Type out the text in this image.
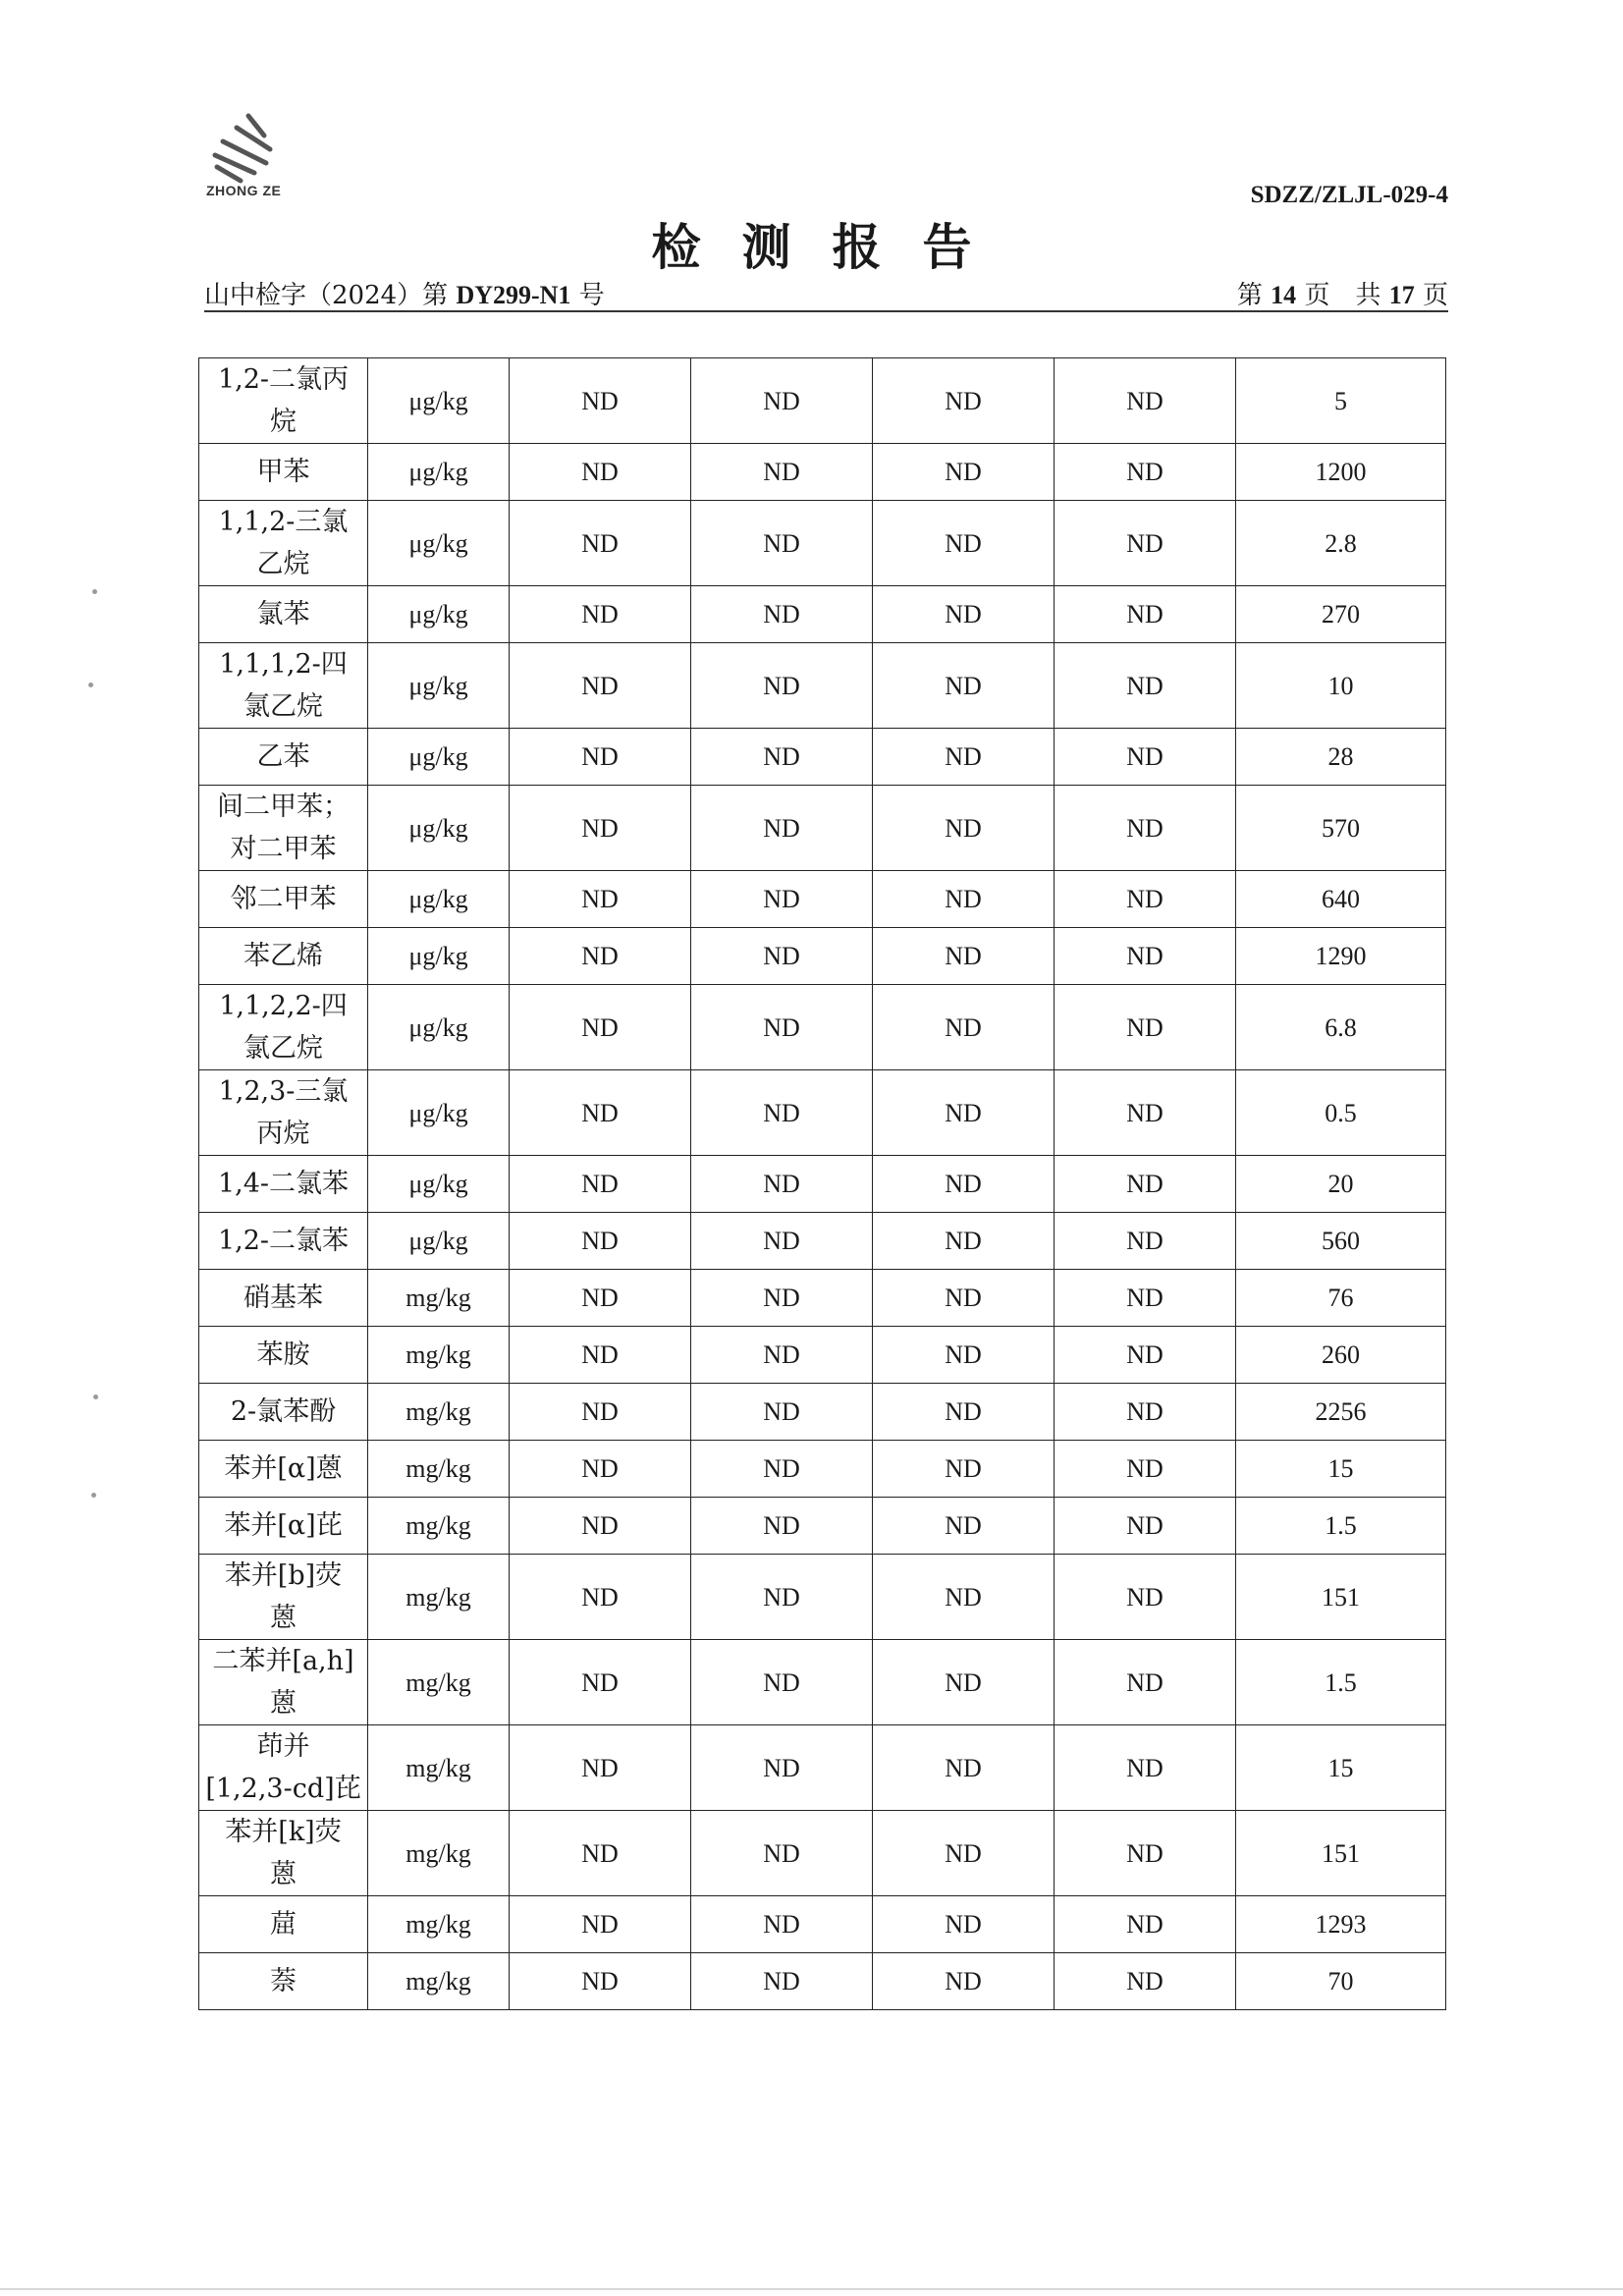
ZHONG ZE	SDZZ/ZLJL-029-4
检测报告
山中检字（2024）第 DY299-N1 号	第 14 页　共 17 页
1,2-二氯丙
烷	μg/kg	ND	ND	ND	ND	5

甲苯	μg/kg	ND	ND	ND	ND	1200

1,1,2-三氯
乙烷	μg/kg	ND	ND	ND	ND	2.8

氯苯	μg/kg	ND	ND	ND	ND	270

1,1,1,2-四
氯乙烷	μg/kg	ND	ND	ND	ND	10

乙苯	μg/kg	ND	ND	ND	ND	28

间二甲苯；
对二甲苯	μg/kg	ND	ND	ND	ND	570

邻二甲苯	μg/kg	ND	ND	ND	ND	640

苯乙烯	μg/kg	ND	ND	ND	ND	1290

1,1,2,2-四
氯乙烷	μg/kg	ND	ND	ND	ND	6.8

1,2,3-三氯
丙烷	μg/kg	ND	ND	ND	ND	0.5

1,4-二氯苯	μg/kg	ND	ND	ND	ND	20

1,2-二氯苯	μg/kg	ND	ND	ND	ND	560

硝基苯	mg/kg	ND	ND	ND	ND	76

苯胺	mg/kg	ND	ND	ND	ND	260

2-氯苯酚	mg/kg	ND	ND	ND	ND	2256

苯并[α]蒽	mg/kg	ND	ND	ND	ND	15

苯并[α]芘	mg/kg	ND	ND	ND	ND	1.5

苯并[b]荧
蒽	mg/kg	ND	ND	ND	ND	151

二苯并[a,h]
蒽	mg/kg	ND	ND	ND	ND	1.5

茚并
[1,2,3-cd]芘	mg/kg	ND	ND	ND	ND	15

苯并[k]荧
蒽	mg/kg	ND	ND	ND	ND	151

䓛	mg/kg	ND	ND	ND	ND	1293

萘	mg/kg	ND	ND	ND	ND	70
